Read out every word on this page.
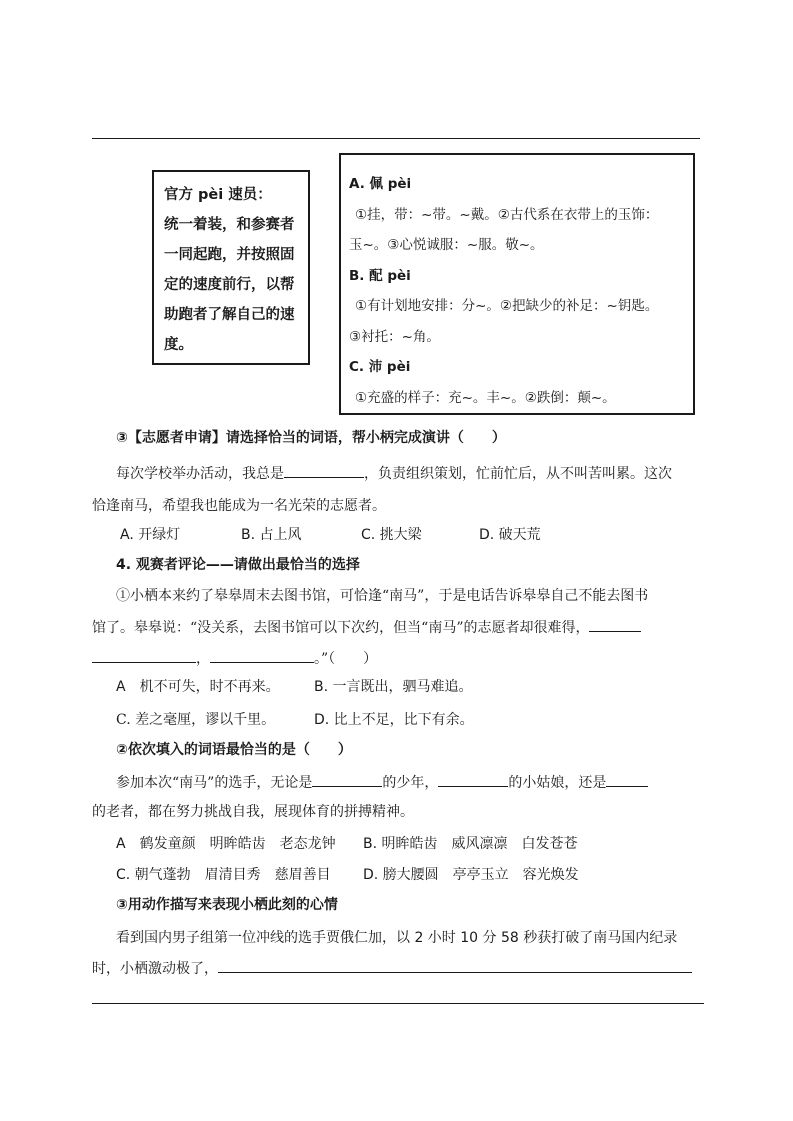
官方 pèi 速员：

统一着装，和参赛者

一同起跑，并按照固

定的速度前行，以帮

助跑者了解自己的速

度。

A. 佩 pèi

①挂，带：~带。~戴。②古代系在衣带上的玉饰：

玉~。③心悦诚服：~服。敬~。

B. 配 pèi

①有计划地安排：分~。②把缺少的补足：~钥匙。

③衬托：~角。

C. 沛 pèi

①充盛的样子：充~。丰~。②跌倒：颠~。

③【志愿者申请】请选择恰当的词语，帮小柄完成演讲（　　）
每次学校举办活动，我总是	，负责组织策划，忙前忙后，从不叫苦叫累。这次
恰逢南马，希望我也能成为一名光荣的志愿者。
A. 开绿灯	B. 占上风	C. 挑大梁	D. 破天荒
4. 观赛者评论——请做出最恰当的选择
①小栖本来约了皋皋周末去图书馆，可恰逢“南马”，于是电话告诉皋皋自己不能去图书
馆了。皋皋说：“没关系，去图书馆可以下次约，但当“南马”的志愿者却很难得，
，	。”（　　）
A　机不可失，时不再来。 B. 一言既出，驷马难追。
C. 差之毫厘，谬以千里。	D. 比上不足，比下有余。
②依次填入的词语最恰当的是（　　）
参加本次“南马”的选手，无论是	的少年，	的小姑娘，还是
的老者，都在努力挑战自我，展现体育的拼搏精神。
A　鹤发童颜　明眸皓齿　老态龙钟 B. 明眸皓齿　威风凛凛　白发苍苍
C. 朝气蓬勃　眉清目秀　慈眉善目 D. 膀大腰圆　亭亭玉立　容光焕发
③用动作描写来表现小栖此刻的心情
看到国内男子组第一位冲线的选手贾俄仁加，以 2 小时 10 分 58 秒获打破了南马国内纪录
时，小栖激动极了，
